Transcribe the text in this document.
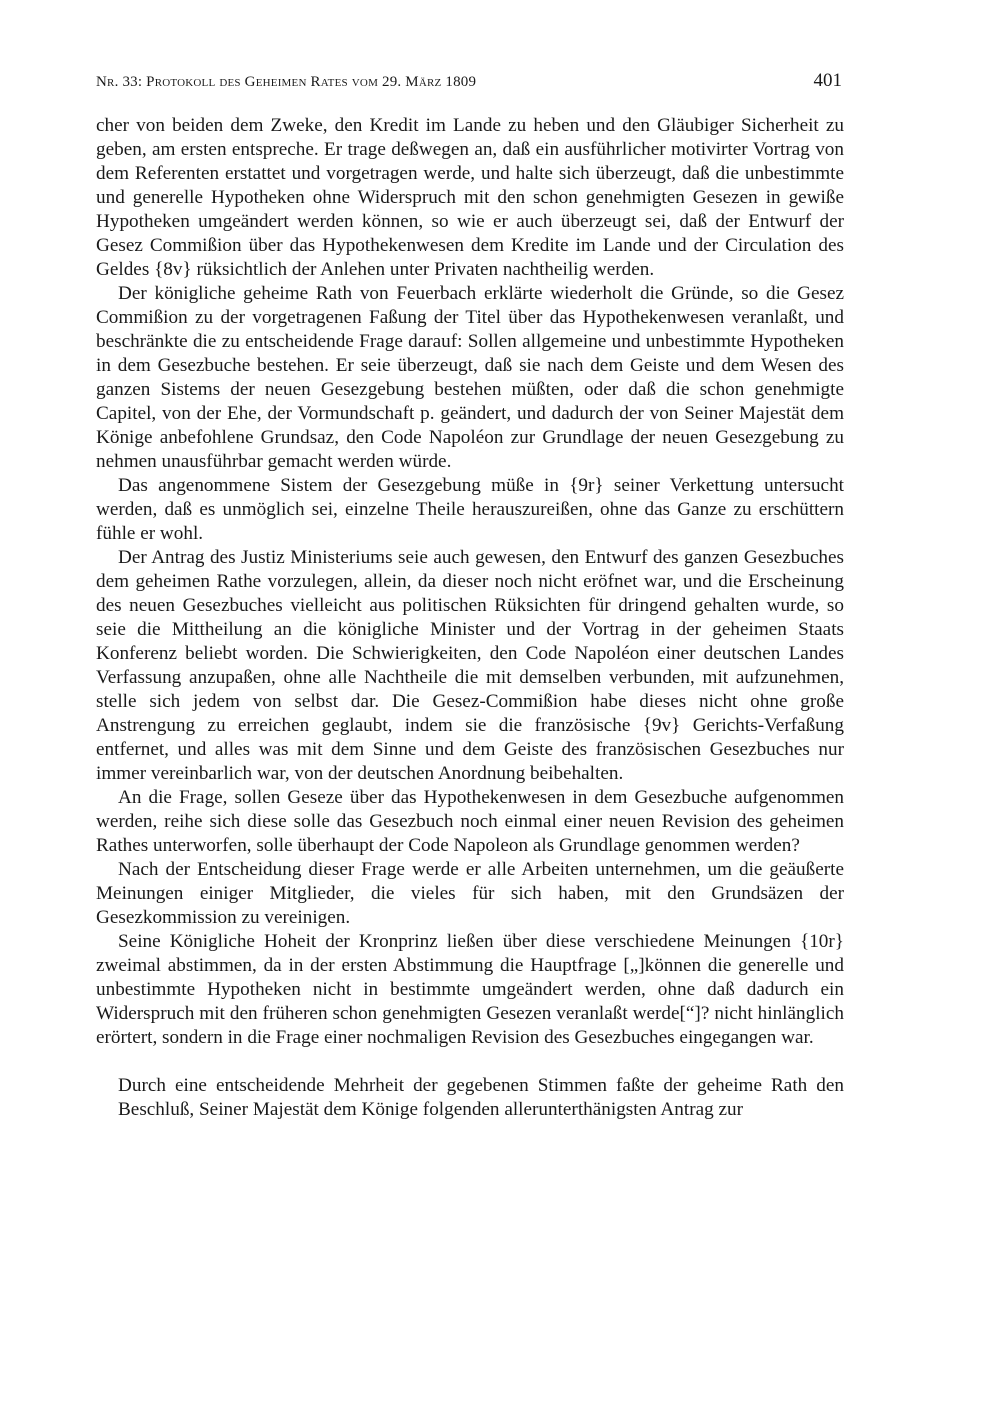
Nr. 33: Protokoll des Geheimen Rates vom 29. März 1809	401

cher von beiden dem Zweke, den Kredit im Lande zu heben und den Gläubiger Sicherheit zu geben, am ersten entspreche. Er trage deßwegen an, daß ein ausführlicher motivirter Vortrag von dem Referenten erstattet und vorgetragen werde, und halte sich überzeugt, daß die unbestimmte und generelle Hypotheken ohne Widerspruch mit den schon genehmigten Gesezen in gewiße Hypotheken umgeändert werden können, so wie er auch überzeugt sei, daß der Entwurf der Gesez Commißion über das Hypothekenwesen dem Kredite im Lande und der Circulation des Geldes {8v} rüksichtlich der Anlehen unter Privaten nachtheilig werden.

Der königliche geheime Rath von Feuerbach erklärte wiederholt die Gründe, so die Gesez Commißion zu der vorgetragenen Faßung der Titel über das Hypothekenwesen veranlaßt, und beschränkte die zu entscheidende Frage darauf: Sollen allgemeine und unbestimmte Hypotheken in dem Gesezbuche bestehen. Er seie überzeugt, daß sie nach dem Geiste und dem Wesen des ganzen Sistems der neuen Gesezgebung bestehen müßten, oder daß die schon genehmigte Capitel, von der Ehe, der Vormundschaft p. geändert, und dadurch der von Seiner Majestät dem Könige anbefohlene Grundsaz, den Code Napoléon zur Grundlage der neuen Gesezgebung zu nehmen unausführbar gemacht werden würde.

Das angenommene Sistem der Gesezgebung müße in {9r} seiner Verkettung untersucht werden, daß es unmöglich sei, einzelne Theile herauszureißen, ohne das Ganze zu erschüttern fühle er wohl.

Der Antrag des Justiz Ministeriums seie auch gewesen, den Entwurf des ganzen Gesezbuches dem geheimen Rathe vorzulegen, allein, da dieser noch nicht eröfnet war, und die Erscheinung des neuen Gesezbuches vielleicht aus politischen Rüksichten für dringend gehalten wurde, so seie die Mittheilung an die königliche Minister und der Vortrag in der geheimen Staats Konferenz beliebt worden. Die Schwierigkeiten, den Code Napoléon einer deutschen Landes Verfassung anzupaßen, ohne alle Nachtheile die mit demselben verbunden, mit aufzunehmen, stelle sich jedem von selbst dar. Die Gesez-Commißion habe dieses nicht ohne große Anstrengung zu erreichen geglaubt, indem sie die französische {9v} Gerichts-Verfaßung entfernet, und alles was mit dem Sinne und dem Geiste des französischen Gesezbuches nur immer vereinbarlich war, von der deutschen Anordnung beibehalten.

An die Frage, sollen Geseze über das Hypothekenwesen in dem Gesezbuche aufgenommen werden, reihe sich diese solle das Gesezbuch noch einmal einer neuen Revision des geheimen Rathes unterworfen, solle überhaupt der Code Napoleon als Grundlage genommen werden?

Nach der Entscheidung dieser Frage werde er alle Arbeiten unternehmen, um die geäußerte Meinungen einiger Mitglieder, die vieles für sich haben, mit den Grundsäzen der Gesezkommission zu vereinigen.

Seine Königliche Hoheit der Kronprinz ließen über diese verschiedene Meinungen {10r} zweimal abstimmen, da in der ersten Abstimmung die Hauptfrage [„]können die generelle und unbestimmte Hypotheken nicht in bestimmte umgeändert werden, ohne daß dadurch ein Widerspruch mit den früheren schon genehmigten Gesezen veranlaßt werde[“]? nicht hinlänglich erörtert, sondern in die Frage einer nochmaligen Revision des Gesezbuches eingegangen war.

Durch eine entscheidende Mehrheit der gegebenen Stimmen faßte der geheime Rath den Beschluß, Seiner Majestät dem Könige folgenden allerunterthänigsten Antrag zur
